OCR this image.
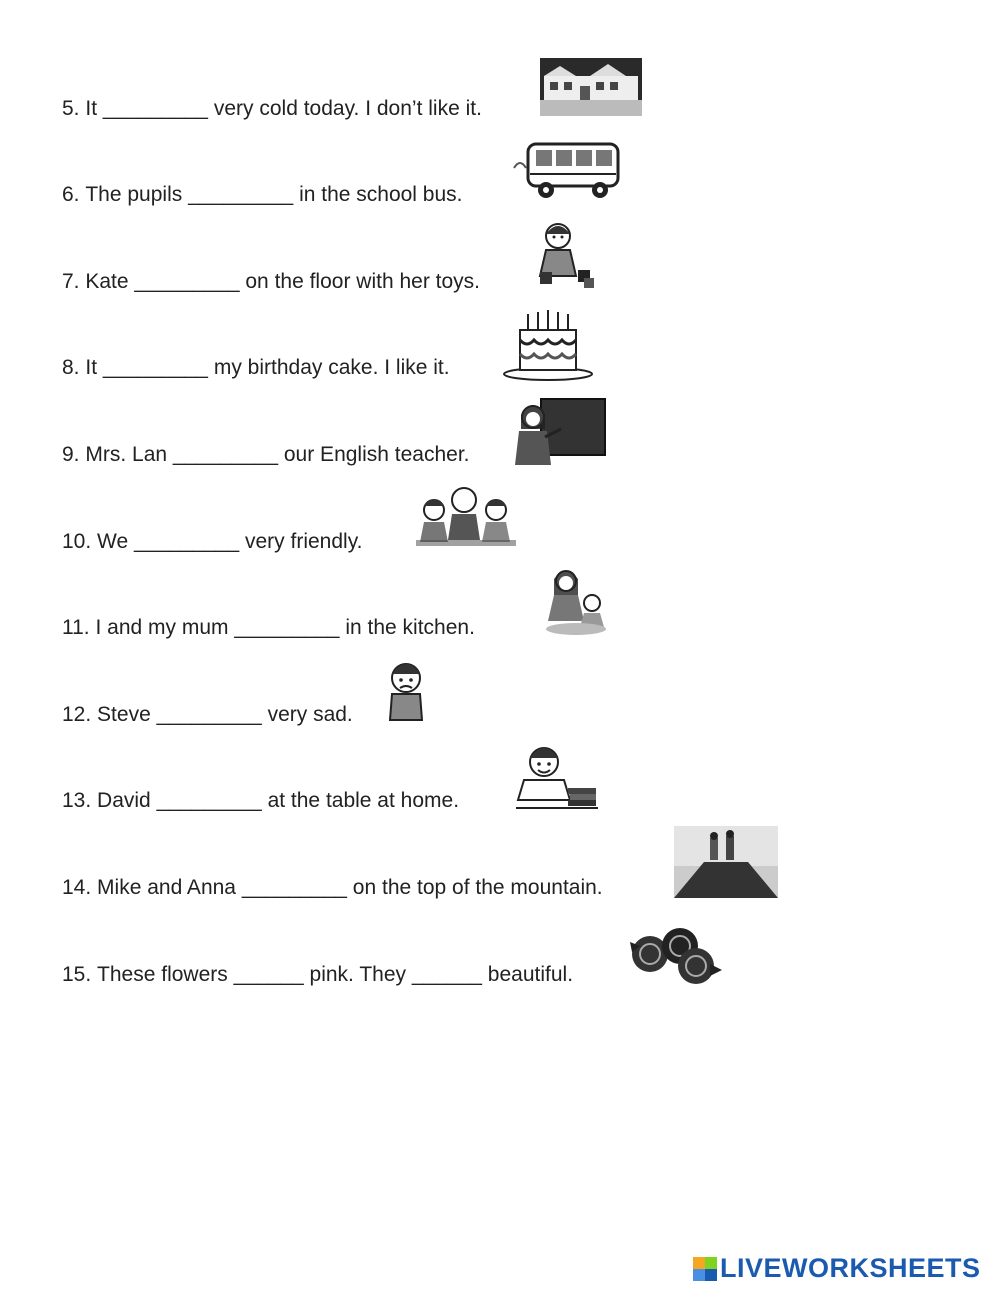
5.
It
_________
very cold today. I don’t like it.
6.
The pupils
_________
in the school bus.
7.
Kate
_________
on the floor with her toys.
8.
It
_________
my birthday cake. I like it.
9.
Mrs. Lan
_________
our English teacher.
10.
We
_________
very friendly.
11.
I and my mum
_________
in the kitchen.
12.
Steve
_________
very sad.
13.
David
_________
at the table at home.
14.
Mike and Anna
_________
on the top of the mountain.
15.
These flowers
______
pink. They
______
beautiful.
LIVEWORKSHEETS
